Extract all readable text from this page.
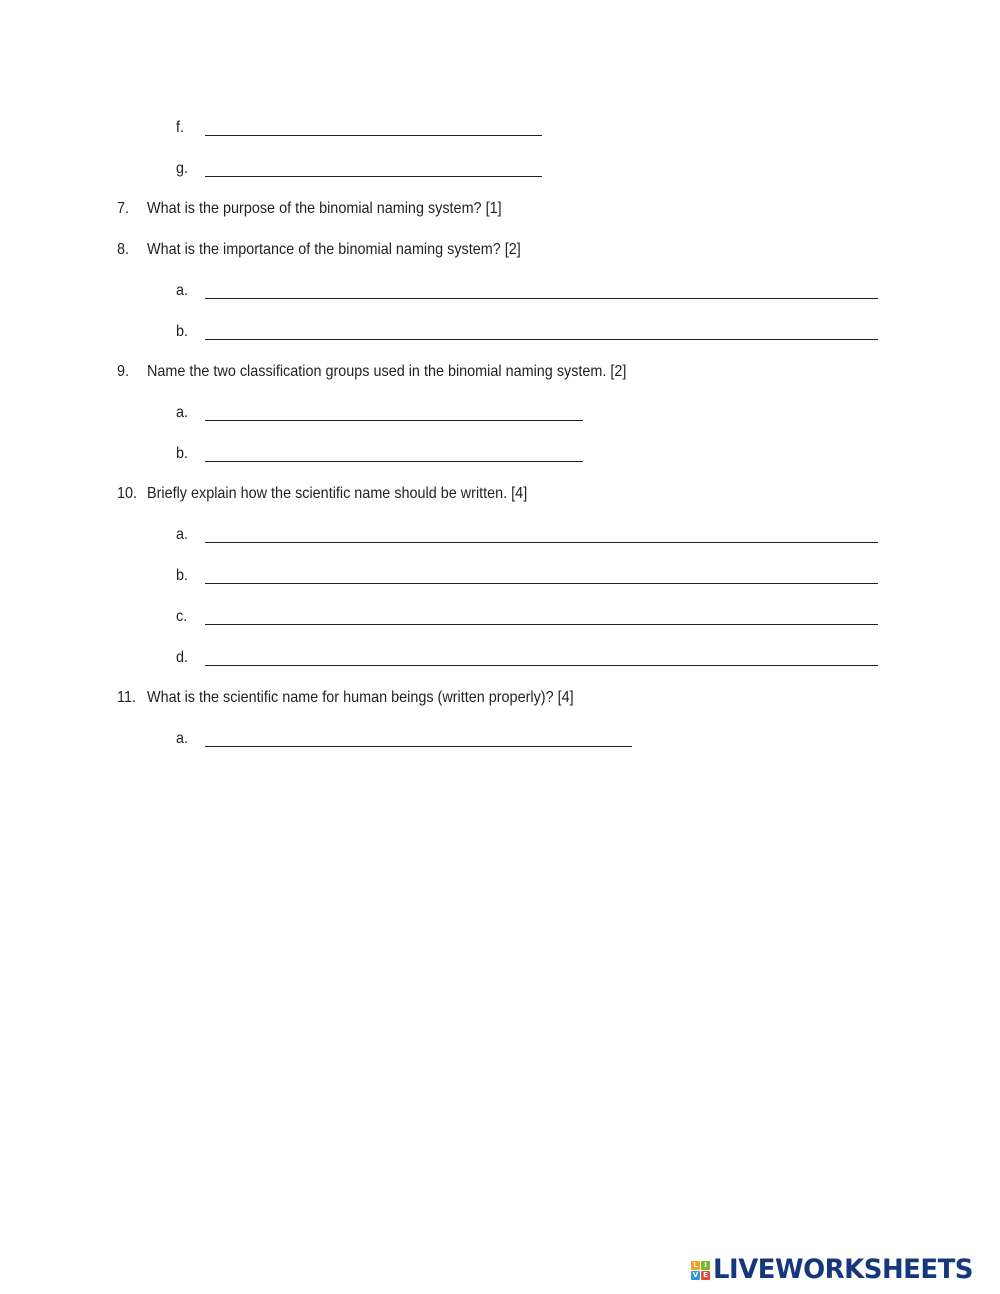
f.
g.
7. What is the purpose of the binomial naming system? [1]
8. What is the importance of the binomial naming system? [2]
a.
b.
9. Name the two classification groups used in the binomial naming system. [2]
a.
b.
10. Briefly explain how the scientific name should be written. [4]
a.
b.
c.
d.
11. What is the scientific name for human beings (written properly)? [4]
a.
L I
V E LIVEWORKSHEETS
